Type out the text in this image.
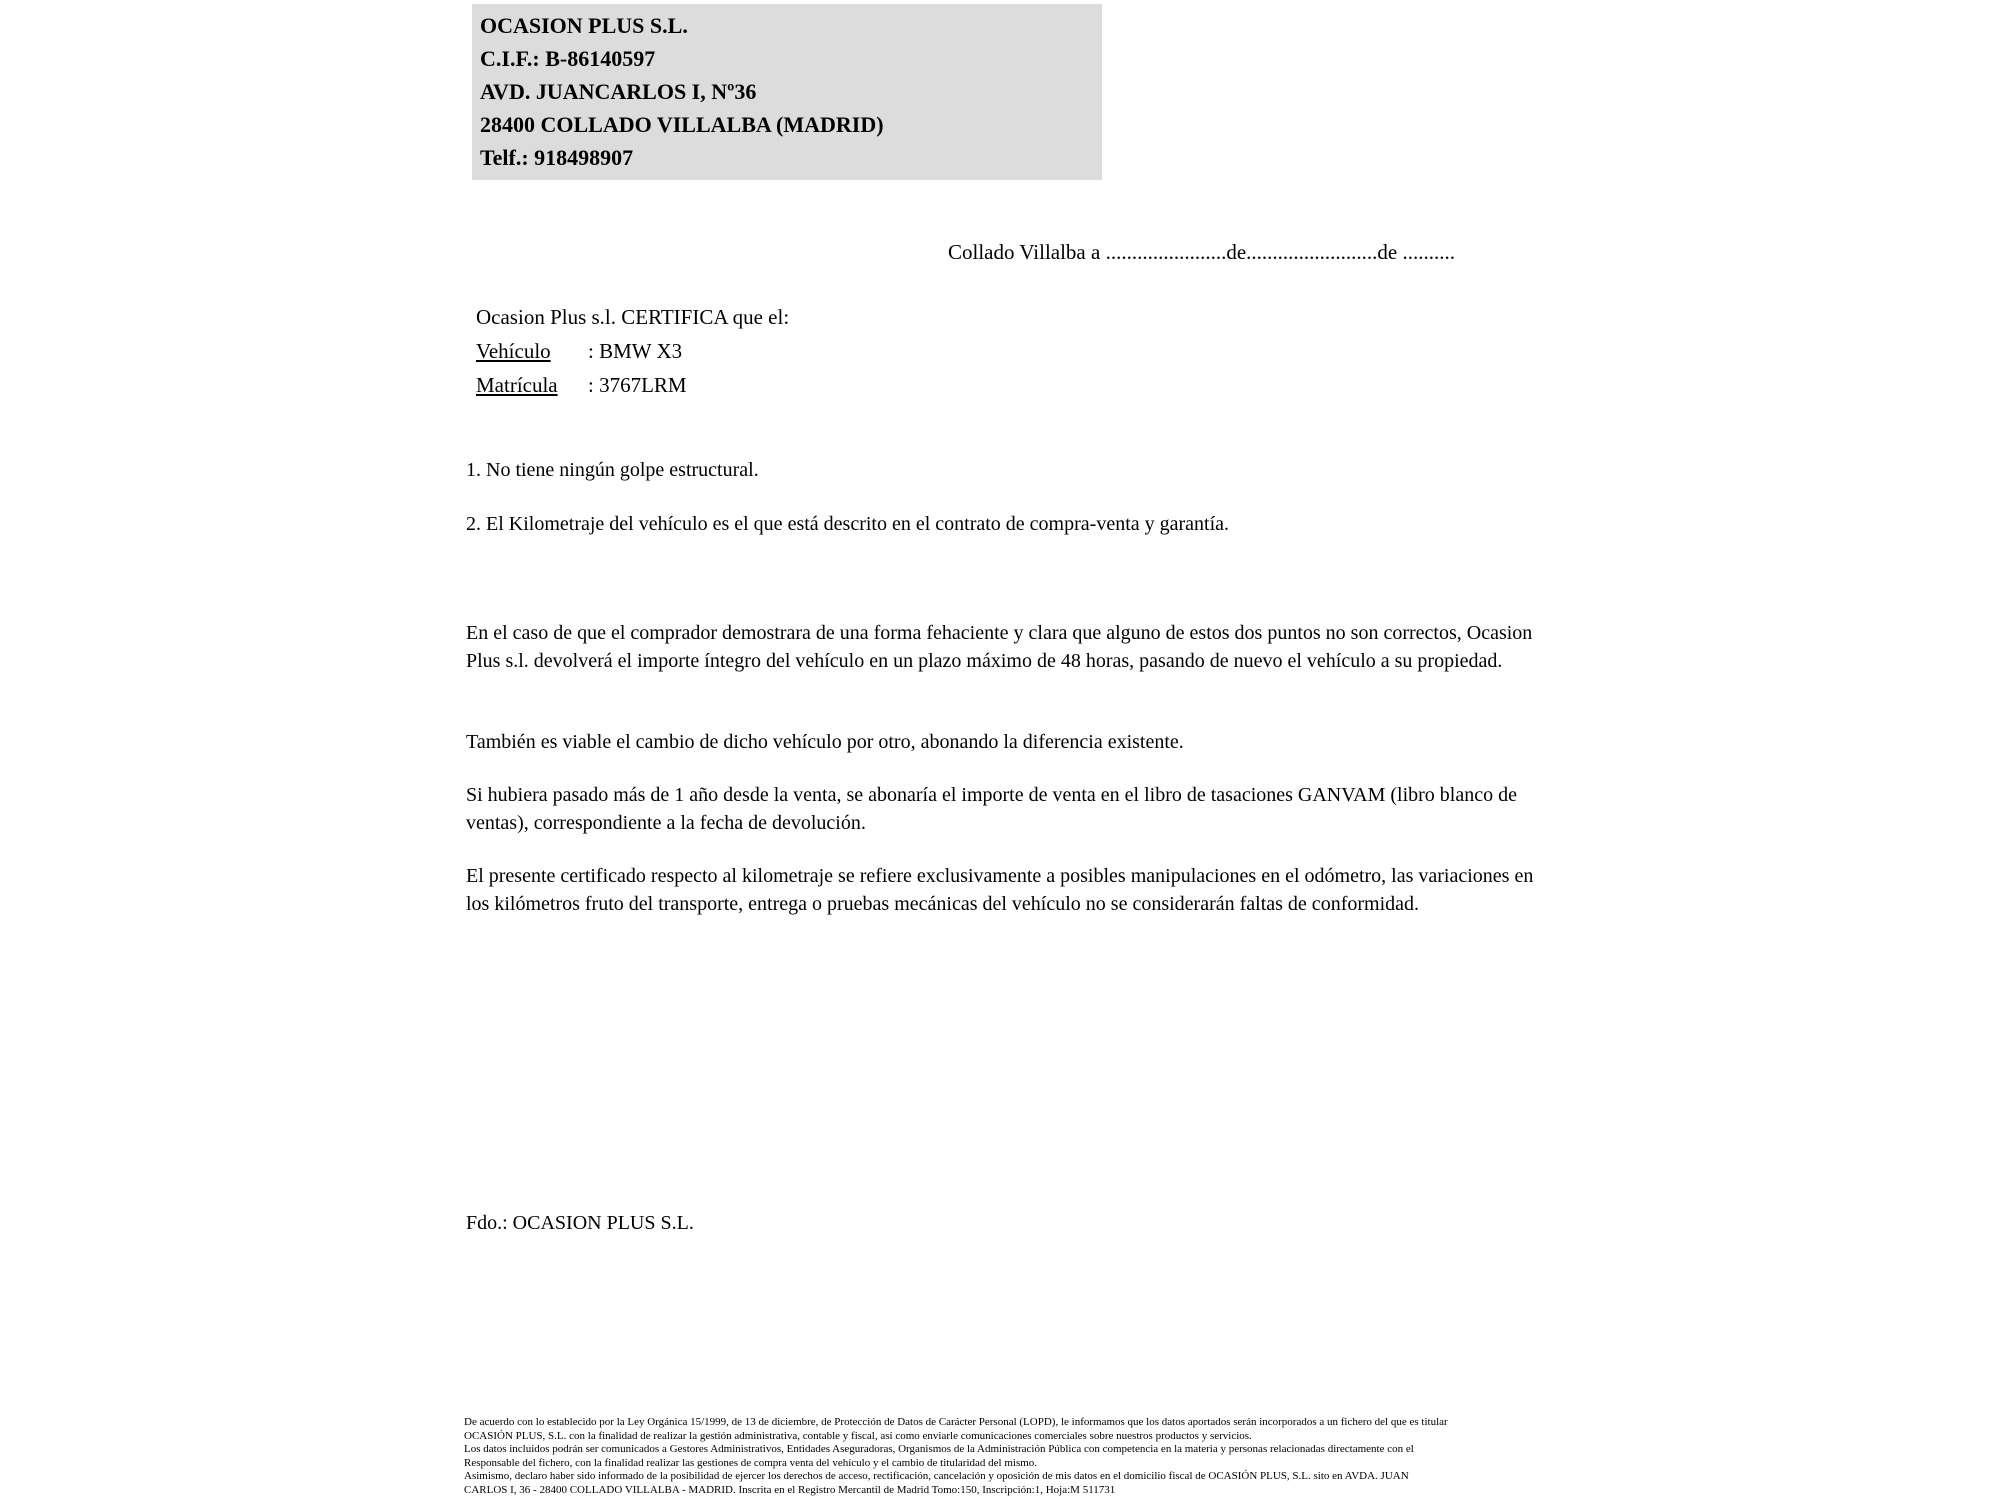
OCASION PLUS S.L.
C.I.F.: B-86140597
AVD. JUANCARLOS I, Nº36
28400 COLLADO VILLALBA (MADRID)
Telf.: 918498907
Collado Villalba a .......................de.........................de ..........
Ocasion Plus s.l. CERTIFICA que el:
Vehículo : BMW X3
Matrícula : 3767LRM
1. No tiene ningún golpe estructural.
2. El Kilometraje del vehículo es el que está descrito en el contrato de compra-venta y garantía.
En el caso de que el comprador demostrara de una forma fehaciente y clara que alguno de estos dos puntos no son correctos, Ocasion Plus s.l. devolverá el importe íntegro del vehículo en un plazo máximo de 48 horas, pasando de nuevo el vehículo a su propiedad.
También es viable el cambio de dicho vehículo por otro, abonando la diferencia existente.
Si hubiera pasado más de 1 año desde la venta, se abonaría el importe de venta en el libro de tasaciones GANVAM (libro blanco de ventas), correspondiente a la fecha de devolución.
El presente certificado respecto al kilometraje se refiere exclusivamente a posibles manipulaciones en el odómetro, las variaciones en los kilómetros fruto del transporte, entrega o pruebas mecánicas del vehículo no se considerarán faltas de conformidad.
Fdo.: OCASION PLUS S.L.
De acuerdo con lo establecido por la Ley Orgánica 15/1999, de 13 de diciembre, de Protección de Datos de Carácter Personal (LOPD), le informamos que los datos aportados serán incorporados a un fichero del que es titular
OCASIÓN PLUS, S.L. con la finalidad de realizar la gestión administrativa, contable y fiscal, así como enviarle comunicaciones comerciales sobre nuestros productos y servicios.
Los datos incluidos podrán ser comunicados a Gestores Administrativos, Entidades Aseguradoras, Organismos de la Administración Pública con competencia en la materia y personas relacionadas directamente con el
Responsable del fichero, con la finalidad realizar las gestiones de compra venta del vehículo y el cambio de titularidad del mismo.
Asimismo, declaro haber sido informado de la posibilidad de ejercer los derechos de acceso, rectificación, cancelación y oposición de mis datos en el domicilio fiscal de OCASIÓN PLUS, S.L. sito en AVDA. JUAN
CARLOS I, 36 - 28400 COLLADO VILLALBA - MADRID. Inscrita en el Registro Mercantil de Madrid Tomo:150, Inscripción:1, Hoja:M 511731
